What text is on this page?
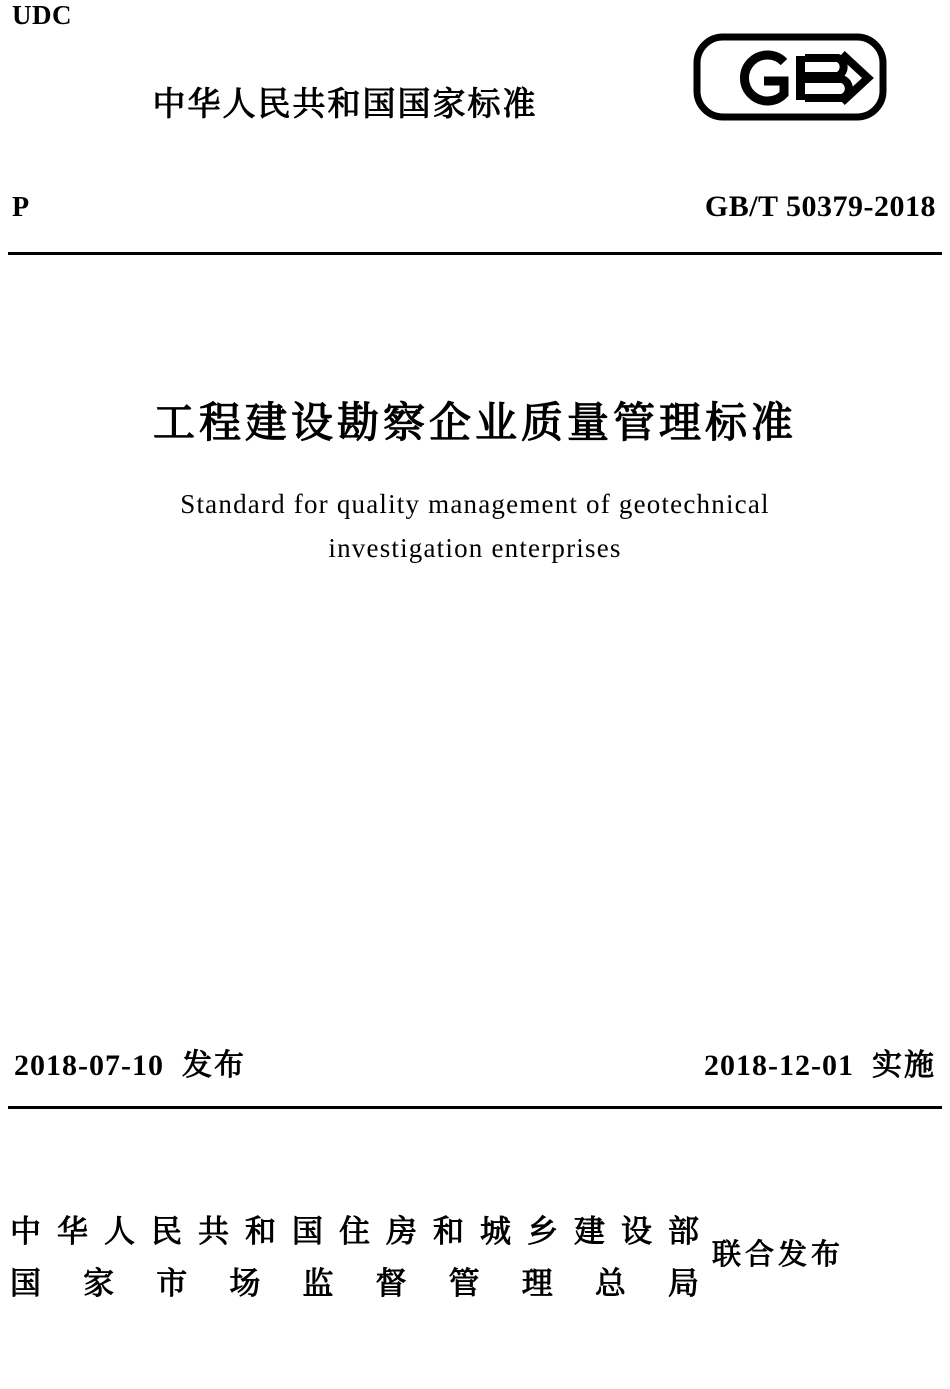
UDC
中华人民共和国国家标准
P	GB/T 50379-2018
工程建设勘察企业质量管理标准
Standard for quality management of geotechnical
investigation enterprises
2018-07-10 发布	2018-12-01 实施
中华人民共和国住房和城乡建设部
国家市场监督管理总局
联合发布
